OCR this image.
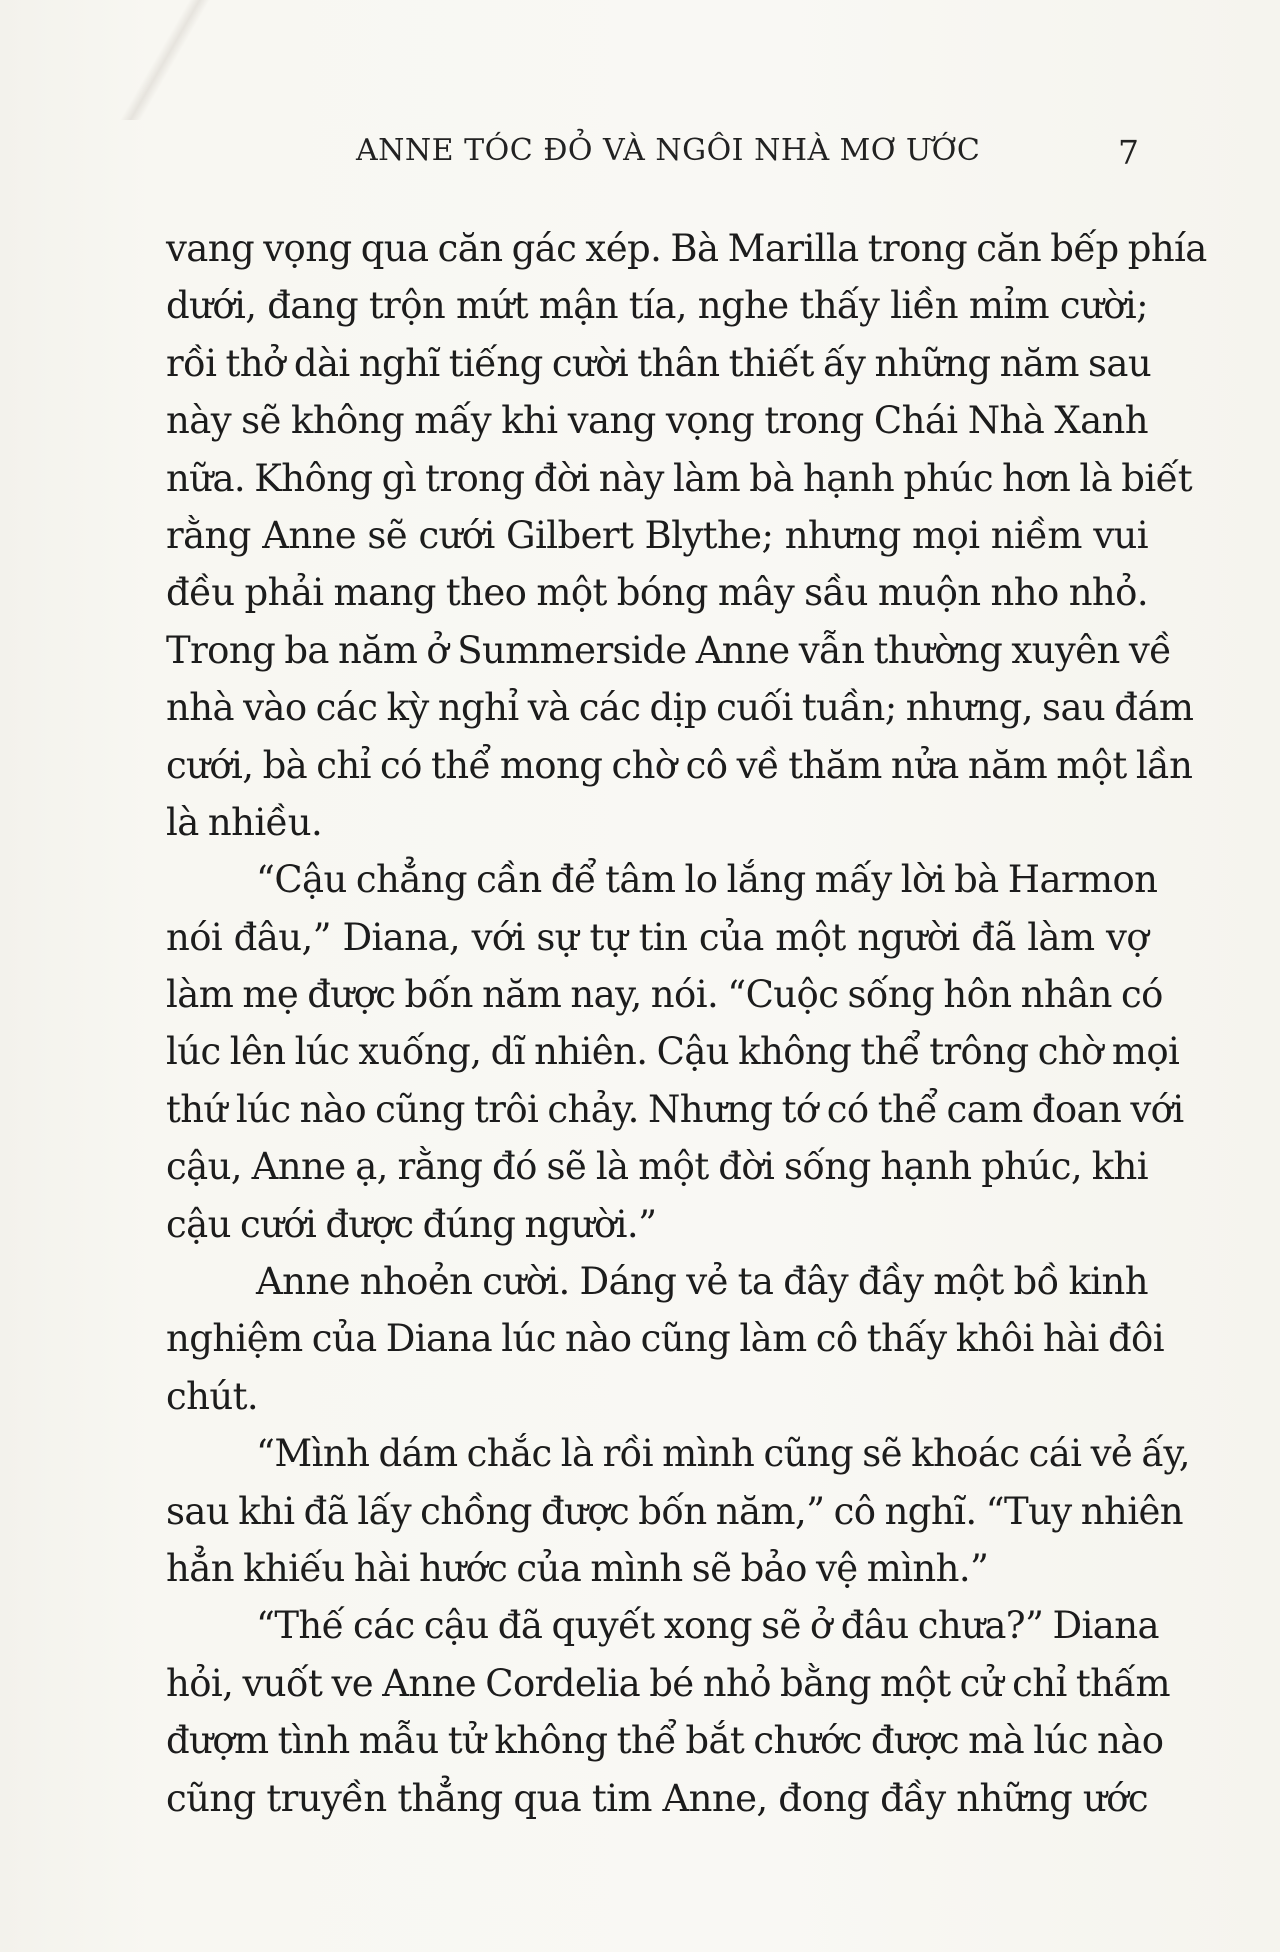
ANNE TÓC ĐỎ VÀ NGÔI NHÀ MƠ ƯỚC	7
vang vọng qua căn gác xép. Bà Marilla trong căn bếp phía
dưới, đang trộn mứt mận tía, nghe thấy liền mỉm cười;
rồi thở dài nghĩ tiếng cười thân thiết ấy những năm sau
này sẽ không mấy khi vang vọng trong Chái Nhà Xanh
nữa. Không gì trong đời này làm bà hạnh phúc hơn là biết
rằng Anne sẽ cưới Gilbert Blythe; nhưng mọi niềm vui
đều phải mang theo một bóng mây sầu muộn nho nhỏ.
Trong ba năm ở Summerside Anne vẫn thường xuyên về
nhà vào các kỳ nghỉ và các dịp cuối tuần; nhưng, sau đám
cưới, bà chỉ có thể mong chờ cô về thăm nửa năm một lần
là nhiều.
“Cậu chẳng cần để tâm lo lắng mấy lời bà Harmon
nói đâu,” Diana, với sự tự tin của một người đã làm vợ
làm mẹ được bốn năm nay, nói. “Cuộc sống hôn nhân có
lúc lên lúc xuống, dĩ nhiên. Cậu không thể trông chờ mọi
thứ lúc nào cũng trôi chảy. Nhưng tớ có thể cam đoan với
cậu, Anne ạ, rằng đó sẽ là một đời sống hạnh phúc, khi
cậu cưới được đúng người.”
Anne nhoẻn cười. Dáng vẻ ta đây đầy một bồ kinh
nghiệm của Diana lúc nào cũng làm cô thấy khôi hài đôi
chút.
“Mình dám chắc là rồi mình cũng sẽ khoác cái vẻ ấy,
sau khi đã lấy chồng được bốn năm,” cô nghĩ. “Tuy nhiên
hẳn khiếu hài hước của mình sẽ bảo vệ mình.”
“Thế các cậu đã quyết xong sẽ ở đâu chưa?” Diana
hỏi, vuốt ve Anne Cordelia bé nhỏ bằng một cử chỉ thấm
đượm tình mẫu tử không thể bắt chước được mà lúc nào
cũng truyền thẳng qua tim Anne, đong đầy những ước
